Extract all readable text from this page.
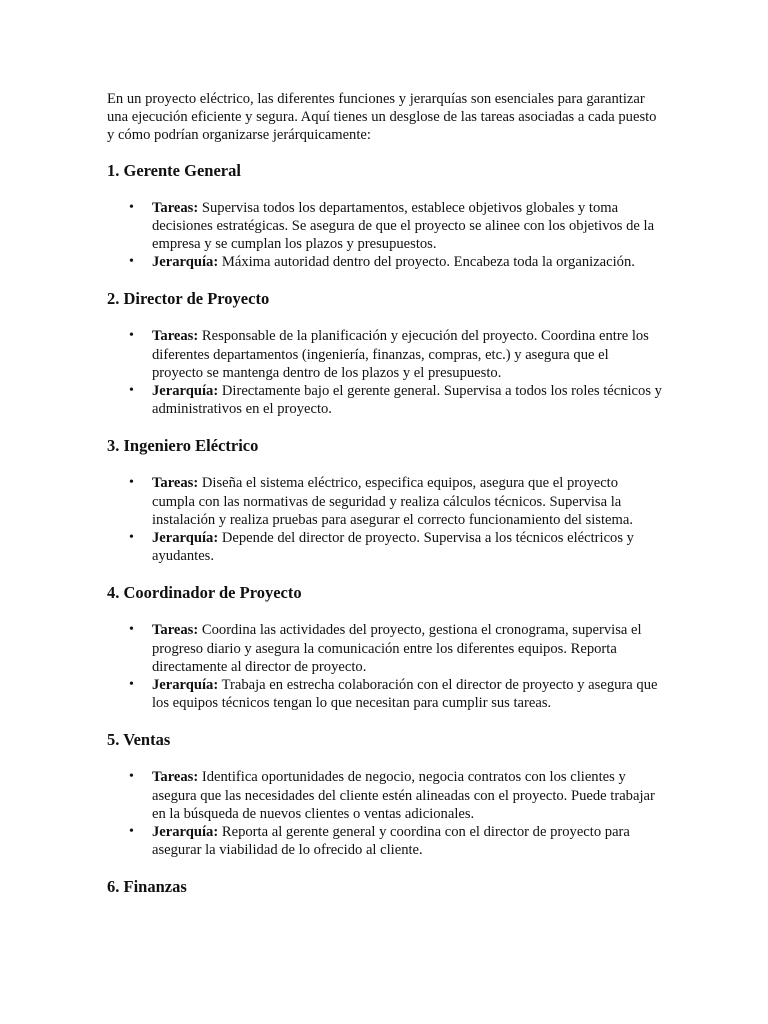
En un proyecto eléctrico, las diferentes funciones y jerarquías son esenciales para garantizar una ejecución eficiente y segura. Aquí tienes un desglose de las tareas asociadas a cada puesto y cómo podrían organizarse jerárquicamente:

1. Gerente General
• Tareas: Supervisa todos los departamentos, establece objetivos globales y toma decisiones estratégicas. Se asegura de que el proyecto se alinee con los objetivos de la empresa y se cumplan los plazos y presupuestos.
• Jerarquía: Máxima autoridad dentro del proyecto. Encabeza toda la organización.
2. Director de Proyecto
• Tareas: Responsable de la planificación y ejecución del proyecto. Coordina entre los diferentes departamentos (ingeniería, finanzas, compras, etc.) y asegura que el proyecto se mantenga dentro de los plazos y el presupuesto.
• Jerarquía: Directamente bajo el gerente general. Supervisa a todos los roles técnicos y administrativos en el proyecto.
3. Ingeniero Eléctrico
• Tareas: Diseña el sistema eléctrico, especifica equipos, asegura que el proyecto cumpla con las normativas de seguridad y realiza cálculos técnicos. Supervisa la instalación y realiza pruebas para asegurar el correcto funcionamiento del sistema.
• Jerarquía: Depende del director de proyecto. Supervisa a los técnicos eléctricos y ayudantes.
4. Coordinador de Proyecto
• Tareas: Coordina las actividades del proyecto, gestiona el cronograma, supervisa el progreso diario y asegura la comunicación entre los diferentes equipos. Reporta directamente al director de proyecto.
• Jerarquía: Trabaja en estrecha colaboración con el director de proyecto y asegura que los equipos técnicos tengan lo que necesitan para cumplir sus tareas.
5. Ventas
• Tareas: Identifica oportunidades de negocio, negocia contratos con los clientes y asegura que las necesidades del cliente estén alineadas con el proyecto. Puede trabajar en la búsqueda de nuevos clientes o ventas adicionales.
• Jerarquía: Reporta al gerente general y coordina con el director de proyecto para asegurar la viabilidad de lo ofrecido al cliente.
6. Finanzas
